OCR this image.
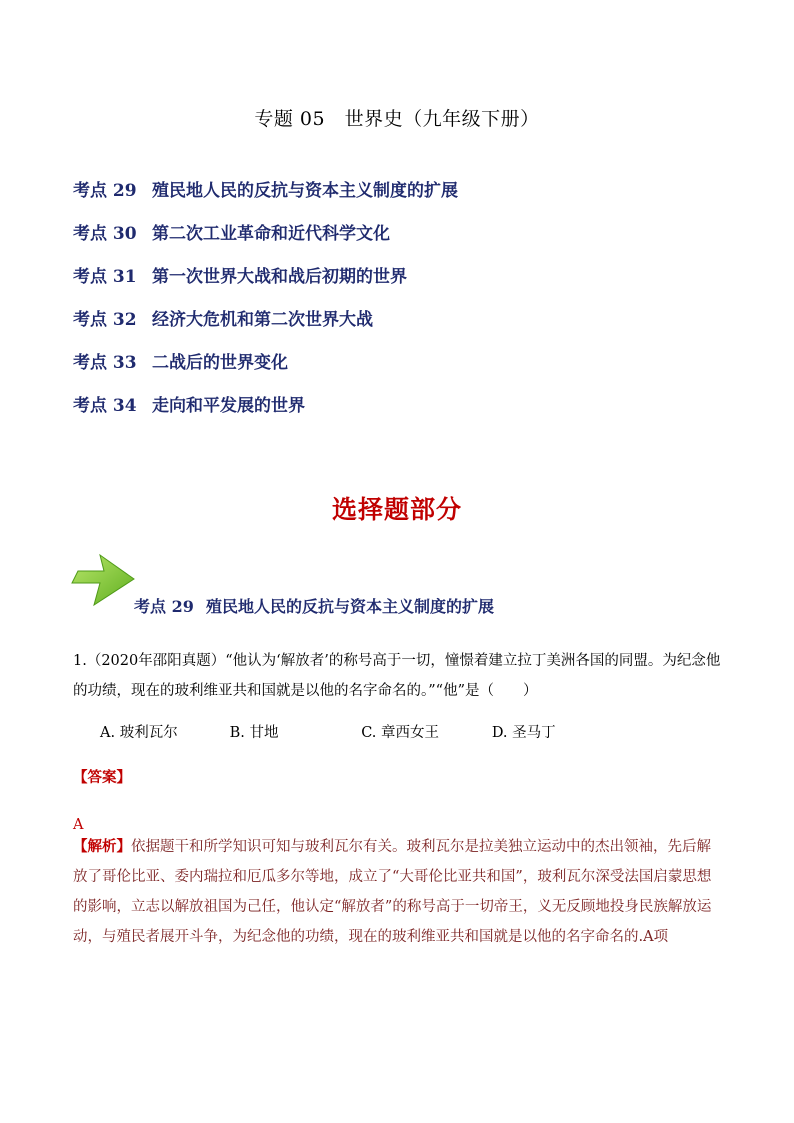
专题 05　世界史（九年级下册）
考点 29 殖民地人民的反抗与资本主义制度的扩展
考点 30 第二次工业革命和近代科学文化
考点 31 第一次世界大战和战后初期的世界
考点 32 经济大危机和第二次世界大战
考点 33 二战后的世界变化
考点 34 走向和平发展的世界
选择题部分
考点 29 殖民地人民的反抗与资本主义制度的扩展
1.（2020年邵阳真题）“他认为‘解放者’的称号高于一切，憧憬着建立拉丁美洲各国的同盟。为纪念他的功绩，现在的玻利维亚共和国就是以他的名字命名的。”“他”是（　　）
A. 玻利瓦尔	B. 甘地	C. 章西女王	D. 圣马丁
【答案】
A
【解析】依据题干和所学知识可知与玻利瓦尔有关。玻利瓦尔是拉美独立运动中的杰出领袖，先后解放了哥伦比亚、委内瑞拉和厄瓜多尔等地，成立了“大哥伦比亚共和国”，玻利瓦尔深受法国启蒙思想的影响，立志以解放祖国为己任，他认定“解放者”的称号高于一切帝王，义无反顾地投身民族解放运动，与殖民者展开斗争，为纪念他的功绩，现在的玻利维亚共和国就是以他的名字命名的.A项
